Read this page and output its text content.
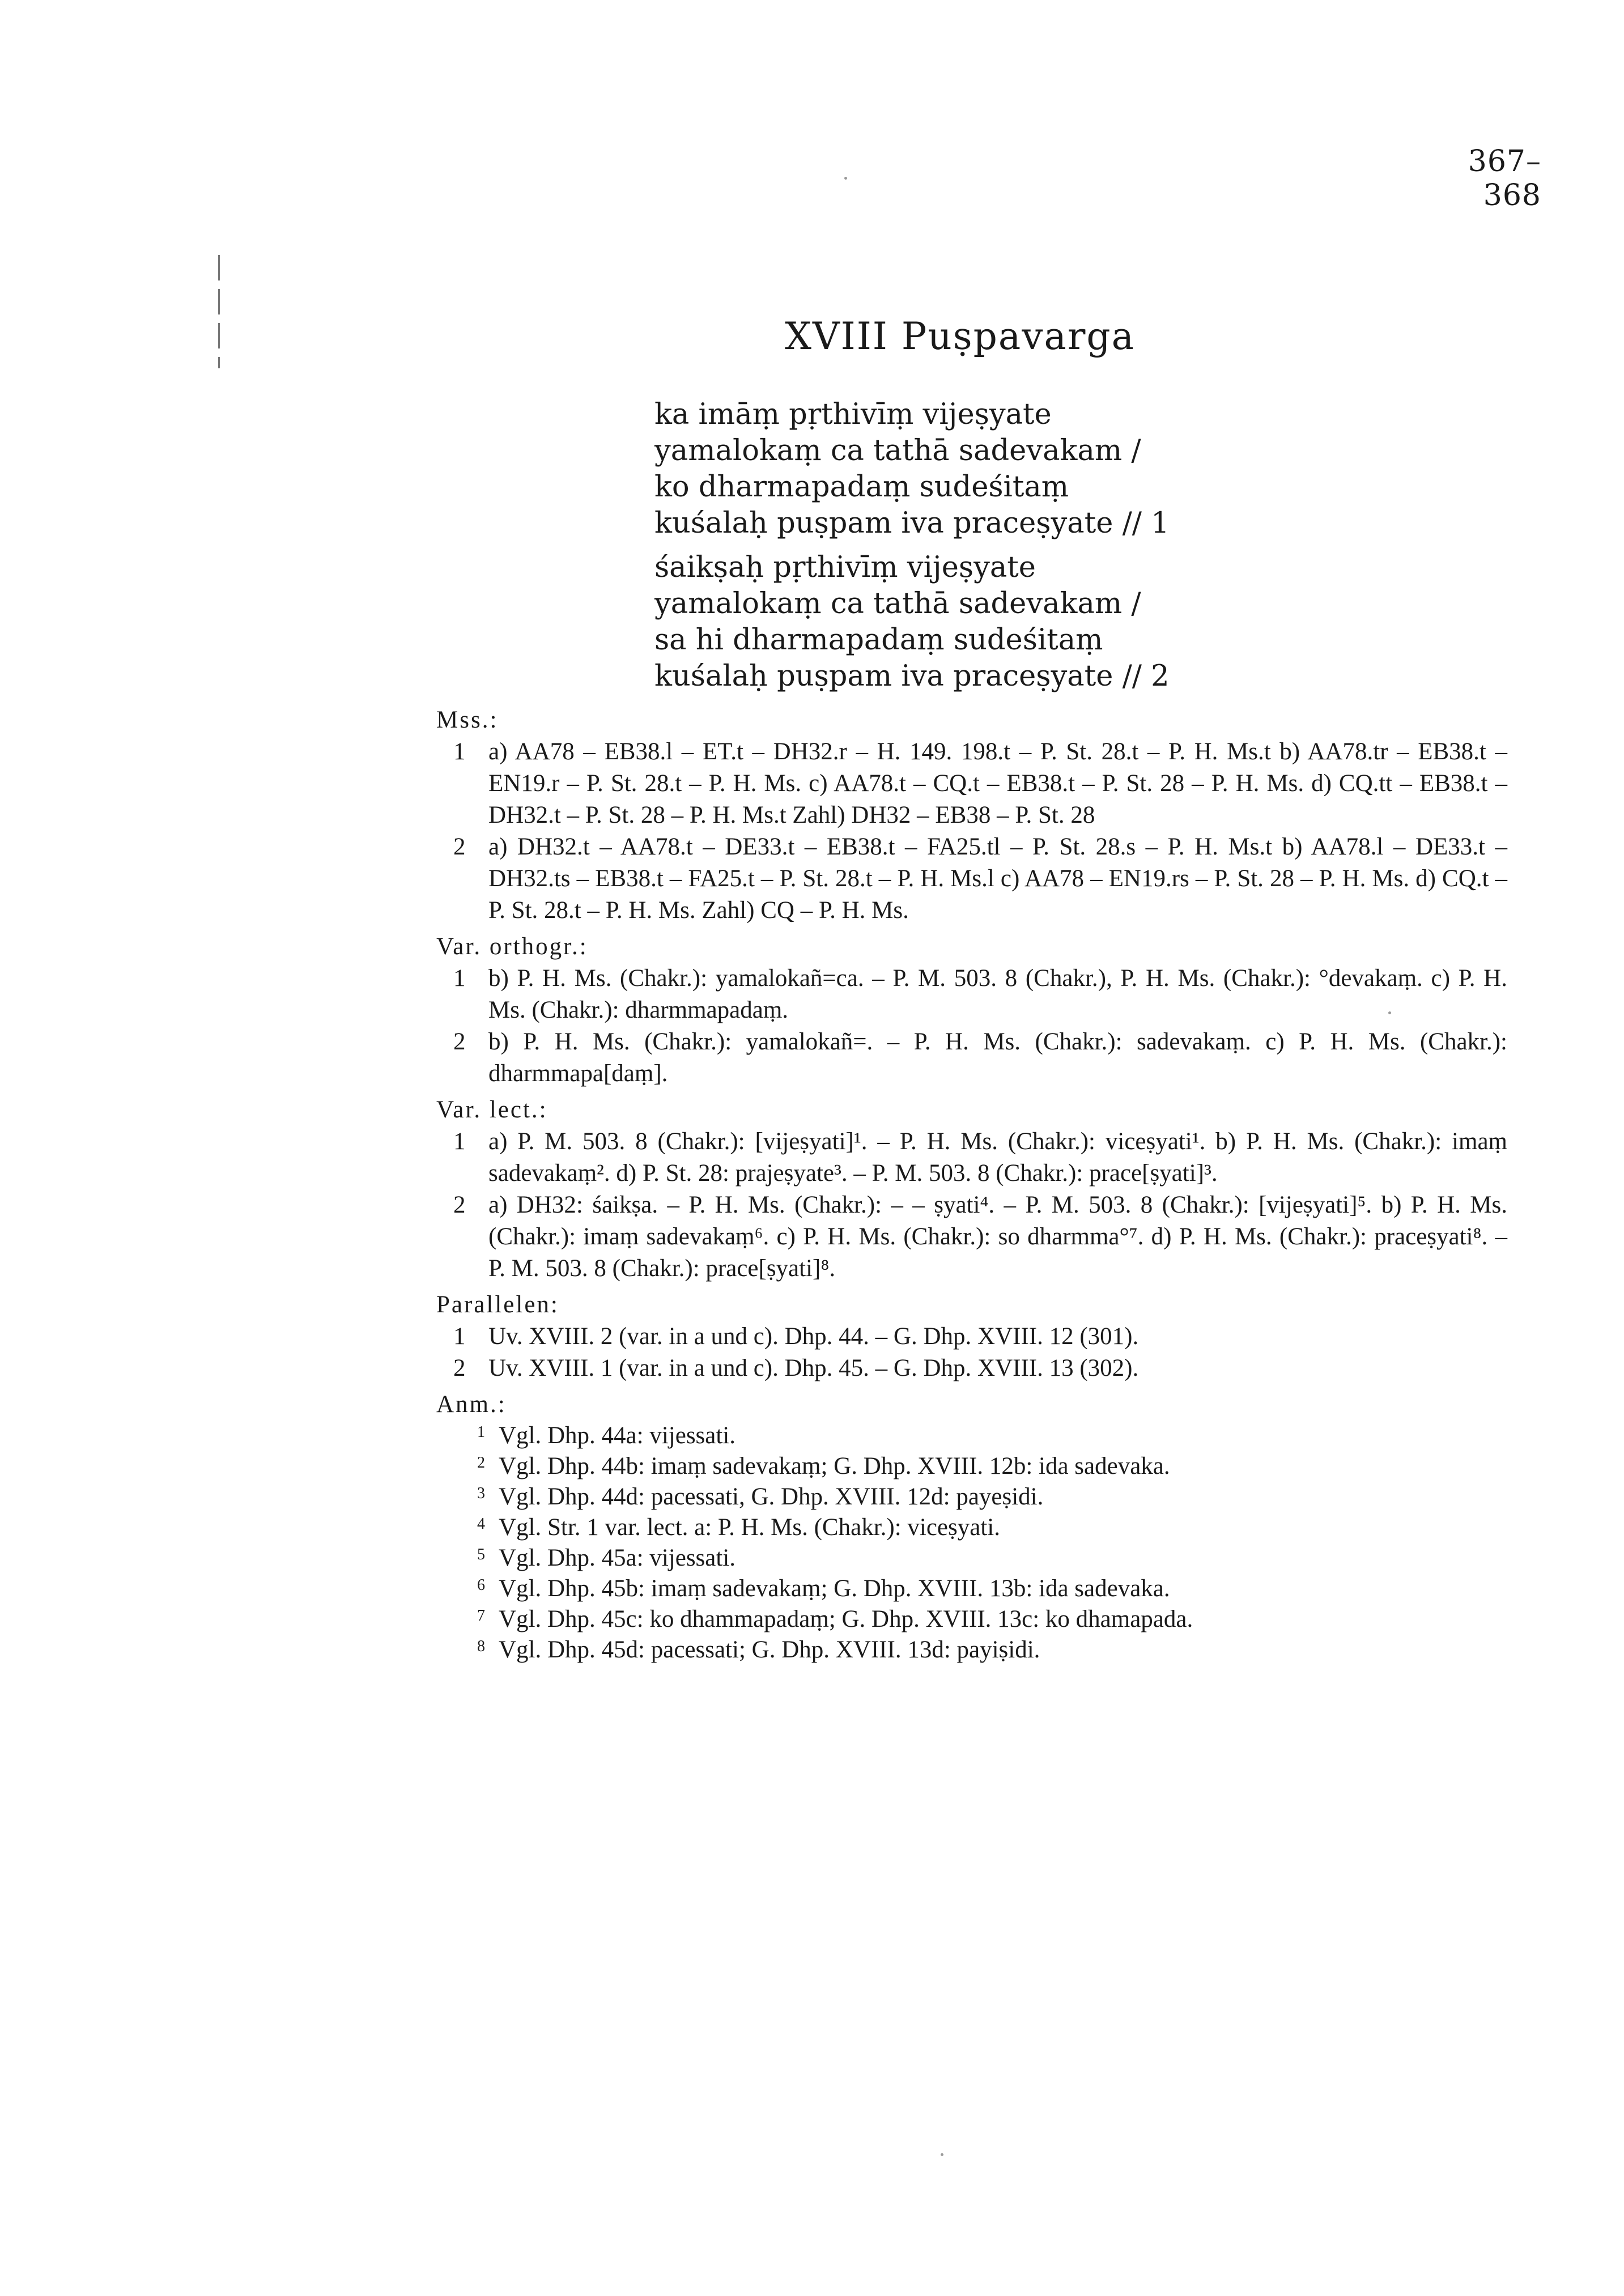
367–368
XVIII Puṣpavarga
ka imāṃ pṛthivīṃ vijeṣyate
yamalokaṃ ca tathā sadevakam /
ko dharmapadaṃ sudeśitaṃ
kuśalaḥ puṣpam iva praceṣyate // 1
śaikṣaḥ pṛthivīṃ vijeṣyate
yamalokaṃ ca tathā sadevakam /
sa hi dharmapadaṃ sudeśitaṃ
kuśalaḥ puṣpam iva praceṣyate // 2
Mss.:
1 a) AA78 – EB38.l – ET.t – DH32.r – H. 149. 198.t – P. St. 28.t – P. H. Ms.t b) AA78.tr – EB38.t – EN19.r – P. St. 28.t – P. H. Ms. c) AA78.t – CQ.t – EB38.t – P. St. 28 – P. H. Ms. d) CQ.tt – EB38.t – DH32.t – P. St. 28 – P. H. Ms.t Zahl) DH32 – EB38 – P. St. 28
2 a) DH32.t – AA78.t – DE33.t – EB38.t – FA25.tl – P. St. 28.s – P. H. Ms.t b) AA78.l – DE33.t – DH32.ts – EB38.t – FA25.t – P. St. 28.t – P. H. Ms.l c) AA78 – EN19.rs – P. St. 28 – P. H. Ms. d) CQ.t – P. St. 28.t – P. H. Ms. Zahl) CQ – P. H. Ms.
Var. orthogr.:
1 b) P. H. Ms. (Chakr.): yamalokañ=ca. – P. M. 503. 8 (Chakr.), P. H. Ms. (Chakr.): °devakaṃ. c) P. H. Ms. (Chakr.): dharmmapadaṃ.
2 b) P. H. Ms. (Chakr.): yamalokañ=. – P. H. Ms. (Chakr.): sadevakaṃ. c) P. H. Ms. (Chakr.): dharmmapa[daṃ].
Var. lect.:
1 a) P. M. 503. 8 (Chakr.): [vijeṣyati]¹. – P. H. Ms. (Chakr.): viceṣyati¹. b) P. H. Ms. (Chakr.): imaṃ sadevakaṃ². d) P. St. 28: prajeṣyate³. – P. M. 503. 8 (Chakr.): prace[ṣyati]³.
2 a) DH32: śaikṣa. – P. H. Ms. (Chakr.): – – ṣyati⁴. – P. M. 503. 8 (Chakr.): [vijeṣyati]⁵. b) P. H. Ms. (Chakr.): imaṃ sadevakaṃ⁶. c) P. H. Ms. (Chakr.): so dharmma°⁷. d) P. H. Ms. (Chakr.): praceṣyati⁸. – P. M. 503. 8 (Chakr.): prace[ṣyati]⁸.
Parallelen:
1 Uv. XVIII. 2 (var. in a und c). Dhp. 44. – G. Dhp. XVIII. 12 (301).
2 Uv. XVIII. 1 (var. in a und c). Dhp. 45. – G. Dhp. XVIII. 13 (302).
Anm.:
1 Vgl. Dhp. 44a: vijessati.
2 Vgl. Dhp. 44b: imaṃ sadevakaṃ; G. Dhp. XVIII. 12b: ida sadevaka.
3 Vgl. Dhp. 44d: pacessati, G. Dhp. XVIII. 12d: payeṣidi.
4 Vgl. Str. 1 var. lect. a: P. H. Ms. (Chakr.): viceṣyati.
5 Vgl. Dhp. 45a: vijessati.
6 Vgl. Dhp. 45b: imaṃ sadevakaṃ; G. Dhp. XVIII. 13b: ida sadevaka.
7 Vgl. Dhp. 45c: ko dhammapadaṃ; G. Dhp. XVIII. 13c: ko dhamapada.
8 Vgl. Dhp. 45d: pacessati; G. Dhp. XVIII. 13d: payiṣidi.
